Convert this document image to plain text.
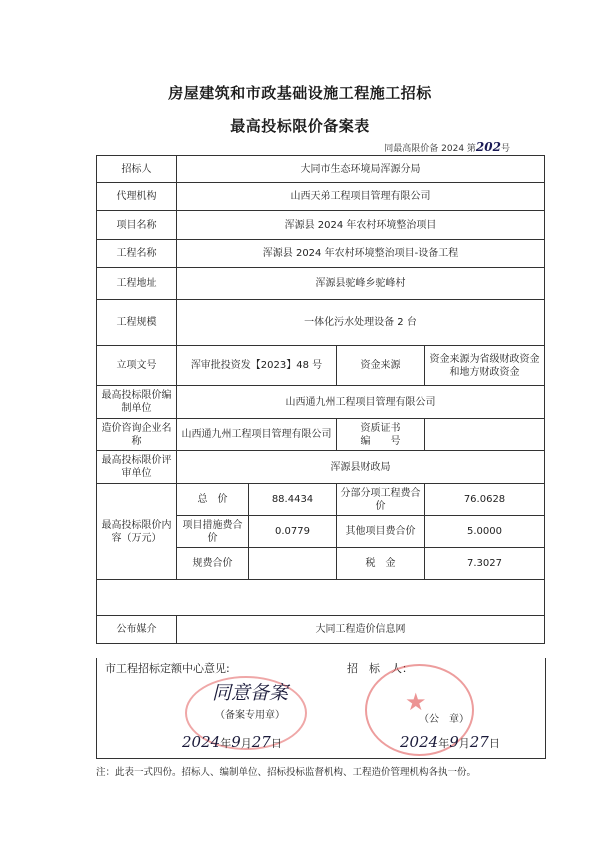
房屋建筑和市政基础设施工程施工招标
最高投标限价备案表
同最高限价备 2024 第202号
招标人	大同市生态环境局浑源分局			
代理机构	山西天弟工程项目管理有限公司			
项目名称	浑源县 2024 年农村环境整治项目			
工程名称	浑源县 2024 年农村环境整治项目-设备工程			
工程地址	浑源县驼峰乡驼峰村			
工程规模	一体化污水处理设备 2 台			
立项文号	浑审批投资发【2023】48 号		资金来源	资金来源为省级财政资金和地方财政资金
最高投标限价编制单位	山西通九州工程项目管理有限公司			
造价咨询企业名称	山西通九州工程项目管理有限公司		资质证书
编　　号	

最高投标限价评审单位	浑源县财政局			
最高投标限价内容（万元）	总　价	88.4434	分部分项工程费合价	76.0628
	项目措施费合　价	0.0779	其他项目费合价	5.0000
	规费合价		税　金	7.3027

公布媒介	大同工程造价信息网			
市工程招标定额中心意见:	招　标　人：
同意备案
（备案专用章）	★
（公　章）
2024年9月27日	2024年9月27日
注：此表一式四份。招标人、编制单位、招标投标监督机构、工程造价管理机构各执一份。
